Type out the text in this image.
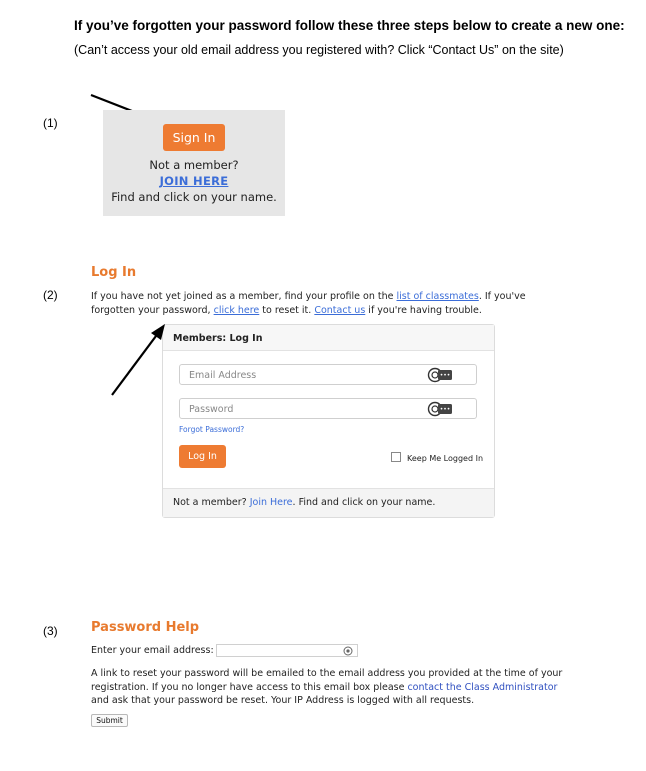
If you’ve forgotten your password follow these three steps below to create a new one:
(Can’t access your old email address you registered with? Click “Contact Us” on the site)
(1)
Sign In
Not a member?
JOIN HERE
Find and click on your name.
(2)
Log In
If you have not yet joined as a member, find your profile on the list of classmates. If you've forgotten your password, click here to reset it. Contact us if you're having trouble.
Members: Log In
Email Address	•••
Password	•••
Forgot Password?
Log In	Keep Me Logged In
Not a member? Join Here. Find and click on your name.
(3)	Password Help
Enter your email address:
A link to reset your password will be emailed to the email address you provided at the time of your registration. If you no longer have access to this email box please contact the Class Administrator and ask that your password be reset. Your IP Address is logged with all requests.
Submit
